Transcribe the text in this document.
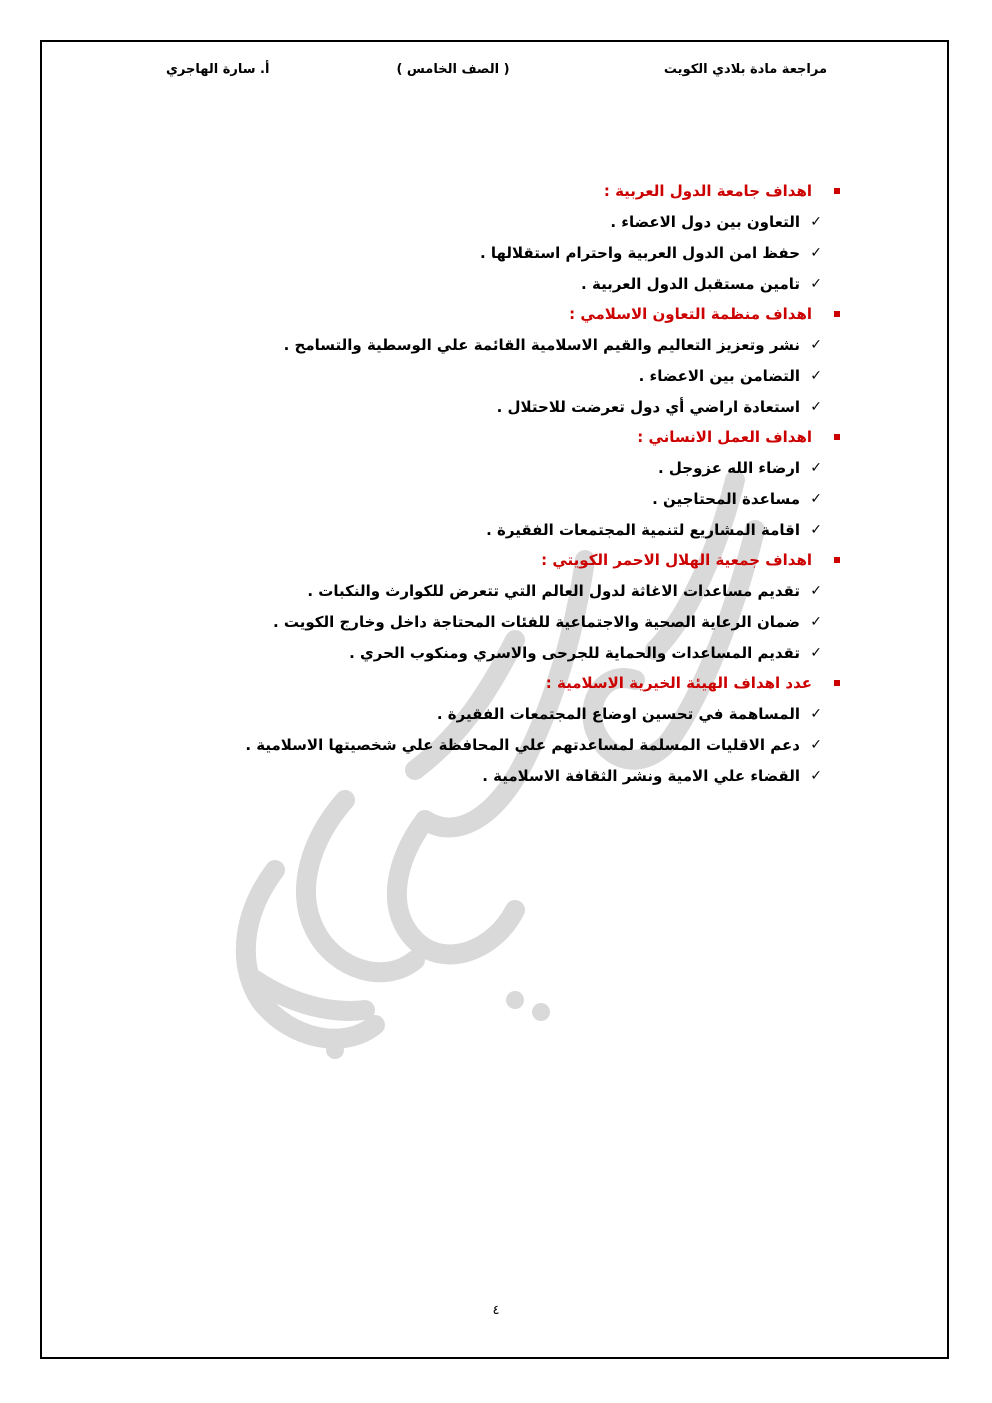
مراجعة مادة بلادي الكويت
( الصف الخامس )
أ. سارة الهاجري
اهداف جامعة الدول العربية :
✓
التعاون بين دول الاعضاء .
✓
حفظ امن الدول العربية واحترام استقلالها .
✓
تامين مستقبل الدول العربية .
اهداف منظمة التعاون الاسلامي :
✓
نشر وتعزيز التعاليم والقيم الاسلامية القائمة علي الوسطية والتسامح .
✓
التضامن بين الاعضاء .
✓
استعادة اراضي أي دول تعرضت للاحتلال .
اهداف العمل الانساني :
✓
ارضاء الله عزوجل .
✓
مساعدة المحتاجين .
✓
اقامة المشاريع لتنمية المجتمعات الفقيرة .
اهداف جمعية الهلال الاحمر الكويتي :
✓
تقديم مساعدات الاغاثة لدول العالم التي تتعرض للكوارث والنكبات .
✓
ضمان الرعاية الصحية والاجتماعية للفئات المحتاجة داخل وخارج الكويت .
✓
تقديم المساعدات والحماية للجرحى والاسري ومنكوب الحري .
عدد اهداف الهيئة الخيرية الاسلامية :
✓
المساهمة في تحسين اوضاع المجتمعات الفقيرة .
✓
دعم الاقليات المسلمة لمساعدتهم علي المحافظة علي شخصيتها الاسلامية .
✓
القضاء علي الامية ونشر الثقافة الاسلامية .
٤
